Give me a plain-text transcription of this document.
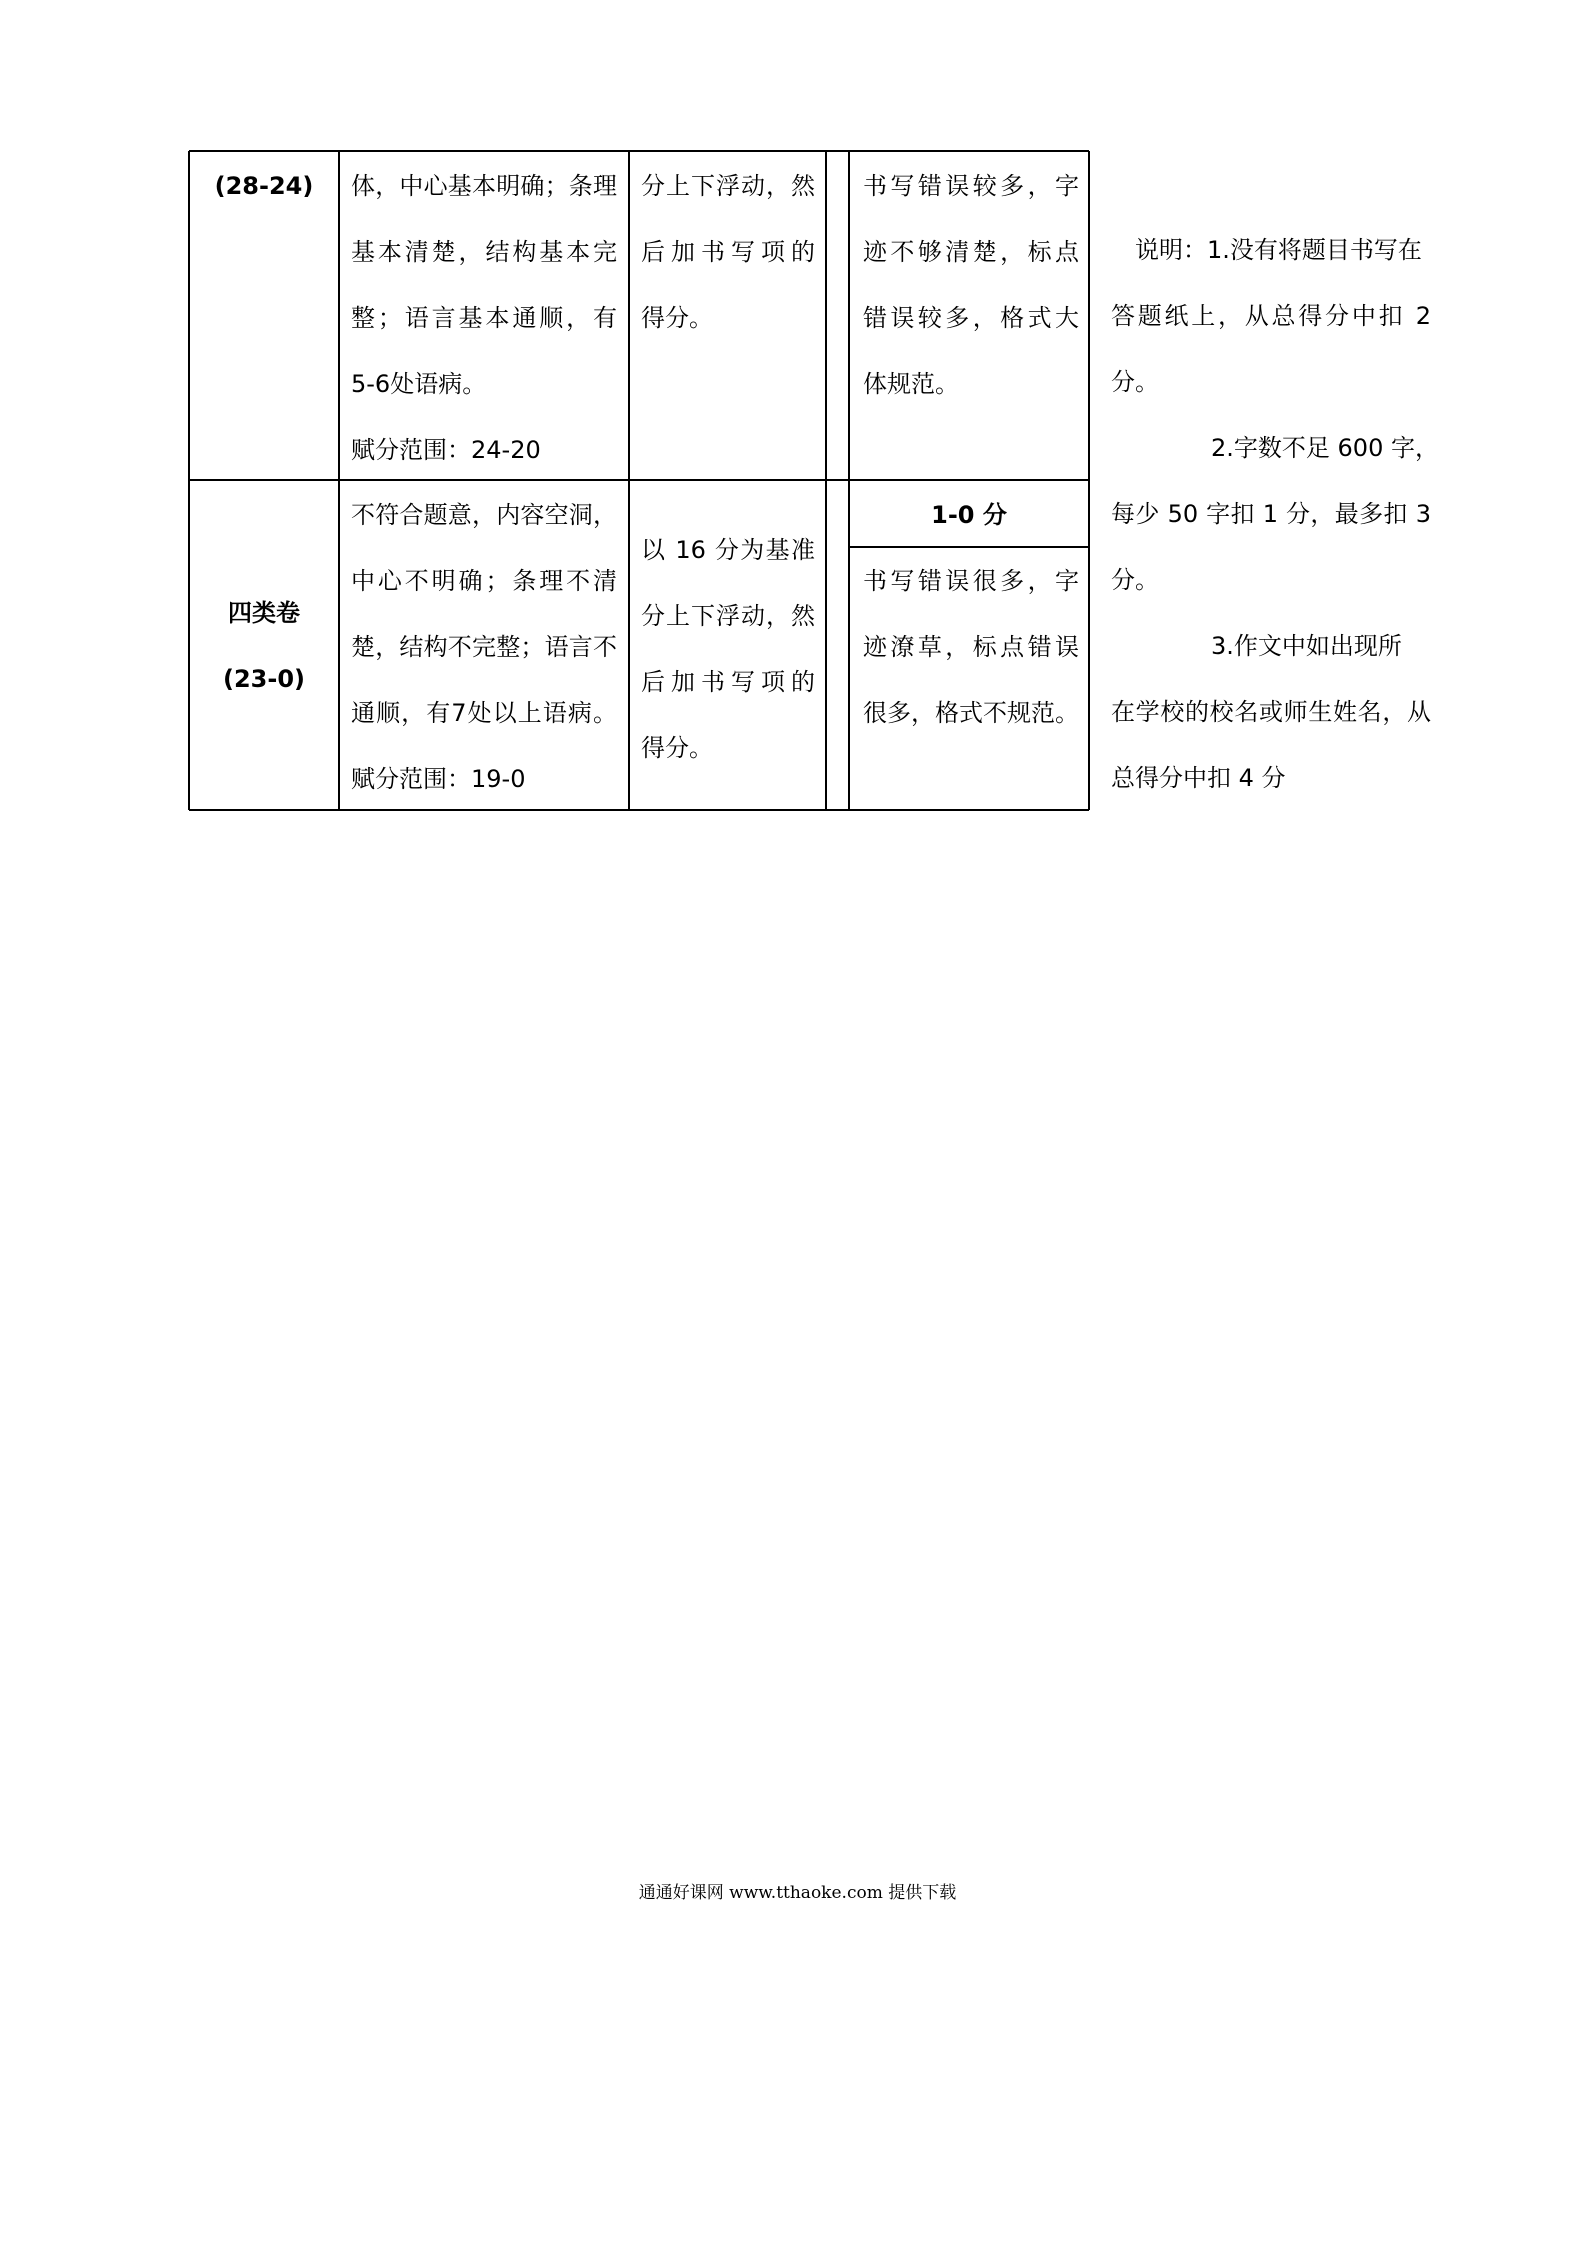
(28-24)	体，中心基本明确；条理
基本清楚，结构基本完
整；语言基本通顺，有
5-6处语病。
赋分范围：24-20
分上下浮动，然
后加书写项的
得分。
书写错误较多，字
迹不够清楚，标点
错误较多，格式大
体规范。
四类卷
(23-0)
不符合题意，内容空洞，
中心不明确；条理不清
楚，结构不完整；语言不
通顺，有7处以上语病。
赋分范围：19-0
以 16 分为基准
分上下浮动，然
后加书写项的
得分。
1-0 分
书写错误很多，字
迹潦草，标点错误
很多，格式不规范。
说明：1.没有将题目书写在
答题纸上，从总得分中扣 2
分。
2.字数不足 600 字，
每少 50 字扣 1 分，最多扣 3
分。
3.作文中如出现所
在学校的校名或师生姓名，从
总得分中扣 4 分
通通好课网 www.tthaoke.com 提供下载
